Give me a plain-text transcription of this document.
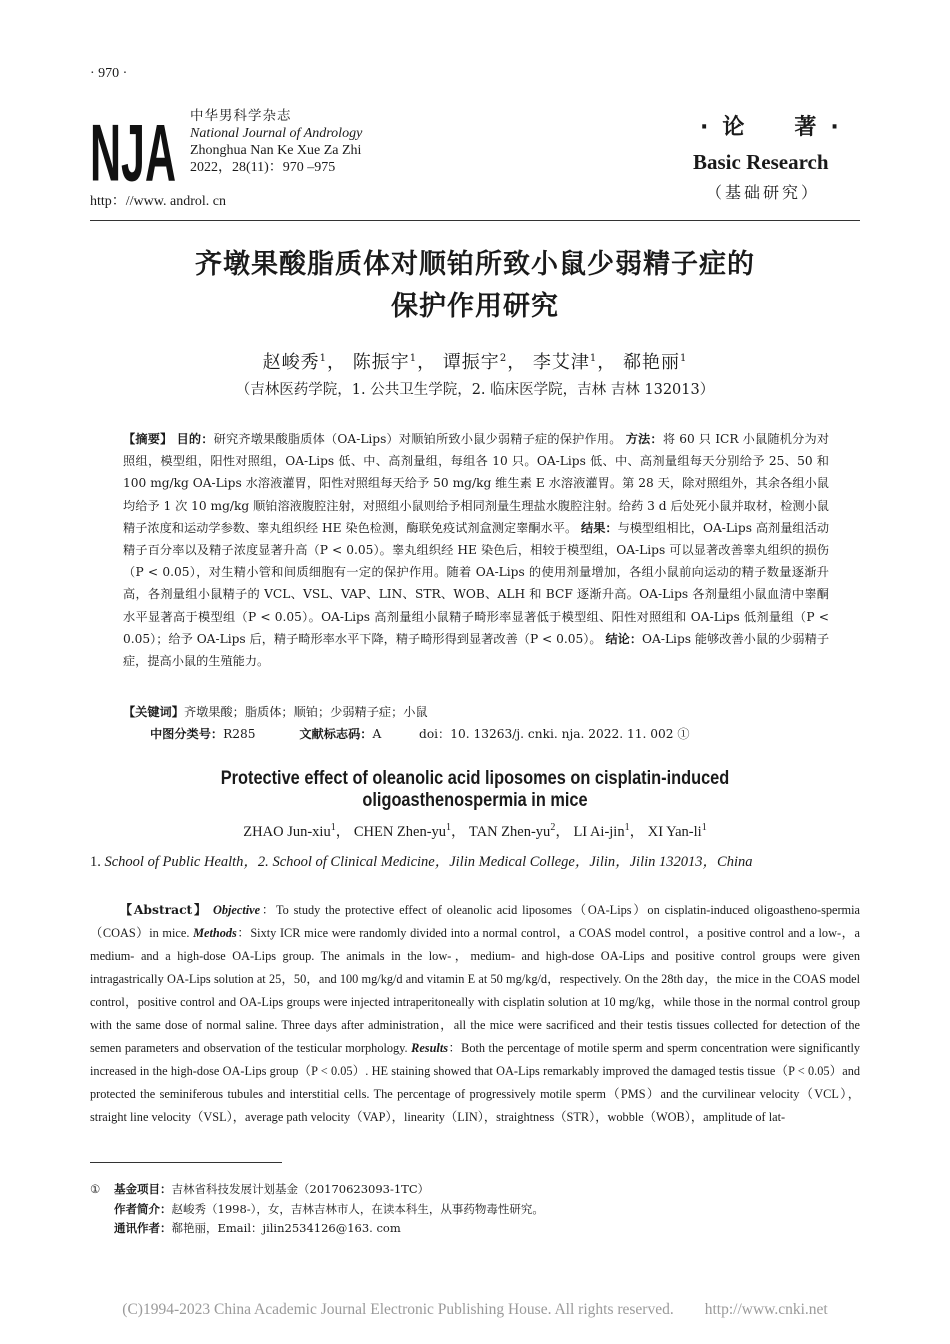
· 970 ·
NJA 中华男科学杂志
National Journal of Andrology
Zhonghua Nan Ke Xue Za Zhi
2022，28(11)：970 –975
http：//www. androl. cn
·论　著·
Basic Research
（基础研究）
齐墩果酸脂质体对顺铂所致小鼠少弱精子症的
保护作用研究
赵峻秀$^1$， 陈振宇$^1$， 谭振宇$^2$， 李艾津$^1$， 郗艳丽$^1$
（吉林医药学院，1. 公共卫生学院，2. 临床医学院，吉林 吉林 132013）
【摘要】 目的：研究齐墩果酸脂质体（OA-Lips）对顺铂所致小鼠少弱精子症的保护作用。 方法：将 60 只 ICR 小鼠随机分为对照组，模型组，阳性对照组，OA-Lips 低、中、高剂量组，每组各 10 只。OA-Lips 低、中、高剂量组每天分别给予 25、50 和 100 mg/kg OA-Lips 水溶液灌胃，阳性对照组每天给予 50 mg/kg 维生素 E 水溶液灌胃。第 28 天，除对照组外，其余各组小鼠均给予 1 次 10 mg/kg 顺铂溶液腹腔注射，对照组小鼠则给予相同剂量生理盐水腹腔注射。给药 3 d 后处死小鼠并取材，检测小鼠精子浓度和运动学参数、睾丸组织经 HE 染色检测，酶联免疫试剂盒测定睾酮水平。 结果：与模型组相比，OA-Lips 高剂量组活动精子百分率以及精子浓度显著升高（P < 0.05）。睾丸组织经 HE 染色后，相较于模型组，OA-Lips 可以显著改善睾丸组织的损伤（P < 0.05），对生精小管和间质细胞有一定的保护作用。随着 OA-Lips 的使用剂量增加，各组小鼠前向运动的精子数量逐渐升高，各剂量组小鼠精子的 VCL、VSL、VAP、LIN、STR、WOB、ALH 和 BCF 逐渐升高。OA-Lips 各剂量组小鼠血清中睾酮水平显著高于模型组（P < 0.05）。OA-Lips 高剂量组小鼠精子畸形率显著低于模型组、阳性对照组和 OA-Lips 低剂量组（P < 0.05）；给予 OA-Lips 后，精子畸形率水平下降，精子畸形得到显著改善（P < 0.05）。 结论：OA-Lips 能够改善小鼠的少弱精子症，提高小鼠的生殖能力。
【关键词】齐墩果酸；脂质体；顺铂；少弱精子症；小鼠
中图分类号：R285	文献标志码：A	doi：10. 13263/j. cnki. nja. 2022. 11. 002 ①
Protective effect of oleanolic acid liposomes on cisplatin-induced oligoasthenospermia in mice
ZHAO Jun-xiu$^1$， CHEN Zhen-$yu^1$， TAN Zhen-$yu^2$， LI Ai-jin$^1$， XI Yan-$li^1$
1. School of Public Health，2. School of Clinical Medicine，Jilin Medical College，Jilin，Jilin 132013，China
【Abstract】 Objective：To study the protective effect of oleanolic acid liposomes（OA-Lips）on cisplatin-induced oligoastheno-spermia（COAS）in mice. Methods：Sixty ICR mice were randomly divided into a normal control，a COAS model control，a positive control and a low-，a medium- and a high-dose OA-Lips group. The animals in the low-，medium- and high-dose OA-Lips and positive control groups were given intragastrically OA-Lips solution at 25，50，and 100 mg/kg/d and vitamin E at 50 mg/kg/d，respectively. On the 28th day，the mice in the COAS model control，positive control and OA-Lips groups were injected intraperitoneally with cisplatin solution at 10 mg/kg，while those in the normal control group with the same dose of normal saline. Three days after administration，all the mice were sacrificed and their testis tissues collected for detection of the semen parameters and observation of the testicular morphology. Results：Both the percentage of motile sperm and sperm concentration were significantly increased in the high-dose OA-Lips group（P < 0.05）. HE staining showed that OA-Lips remarkably improved the damaged testis tissue（P < 0.05）and protected the seminiferous tubules and interstitial cells. The percentage of progressively motile sperm（PMS）and the curvilinear velocity（VCL），straight line velocity（VSL），average path velocity（VAP），linearity（LIN），straightness（STR），wobble（WOB），amplitude of lat-
① 基金项目：吉林省科技发展计划基金（20170623093-1TC）
作者简介：赵峻秀（1998-），女，吉林吉林市人，在读本科生，从事药物毒性研究。
通讯作者：郗艳丽，Email：jilin2534126@163. com
(C)1994-2023 China Academic Journal Electronic Publishing House. All rights reserved.　　http://www.cnki.net
